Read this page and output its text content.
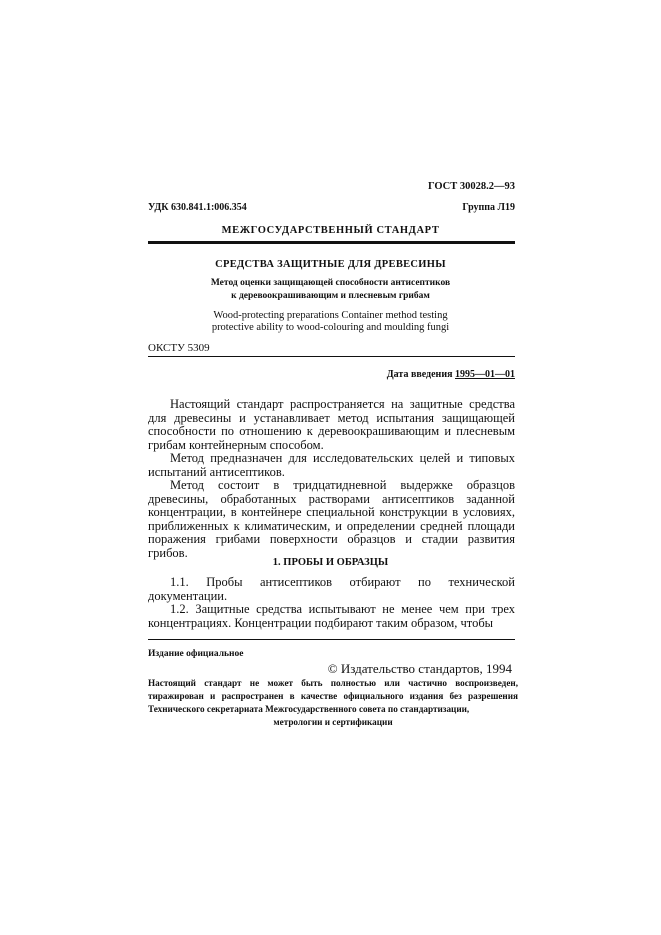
ГОСТ 30028.2—93
УДК 630.841.1:006.354	Группа Л19
МЕЖГОСУДАРСТВЕННЫЙ СТАНДАРТ
СРЕДСТВА ЗАЩИТНЫЕ ДЛЯ ДРЕВЕСИНЫ
Метод оценки защищающей способности антисептиков
к деревоокрашивающим и плесневым грибам
Wood-protecting preparations Container method testing
protective ability to wood-colouring and moulding fungi
ОКСТУ 5309
Дата введения 1995—01—01

Настоящий стандарт распространяется на защитные средства для древесины и устанавливает метод испытания защищающей способности по отношению к деревоокрашивающим и плесневым грибам контейнерным способом.

Метод предназначен для исследовательских целей и типовых испытаний антисептиков.

Метод состоит в тридцатидневной выдержке образцов древесины, обработанных растворами антисептиков заданной концентрации, в контейнере специальной конструкции в условиях, приближенных к климатическим, и определении средней площади поражения грибами поверхности образцов и стадии развития грибов.

1. ПРОБЫ И ОБРАЗЦЫ

1.1. Пробы антисептиков отбирают по технической документации.

1.2. Защитные средства испытывают не менее чем при трех концентрациях. Концентрации подбирают таким образом, чтобы

Издание официальное
© Издательство стандартов, 1994
Настоящий стандарт не может быть полностью или частично воспроизведен, тиражирован и распространен в качестве официального издания без разрешения Технического секретариата Межгосударственного совета по стандартизации,
метрологии и сертификации
